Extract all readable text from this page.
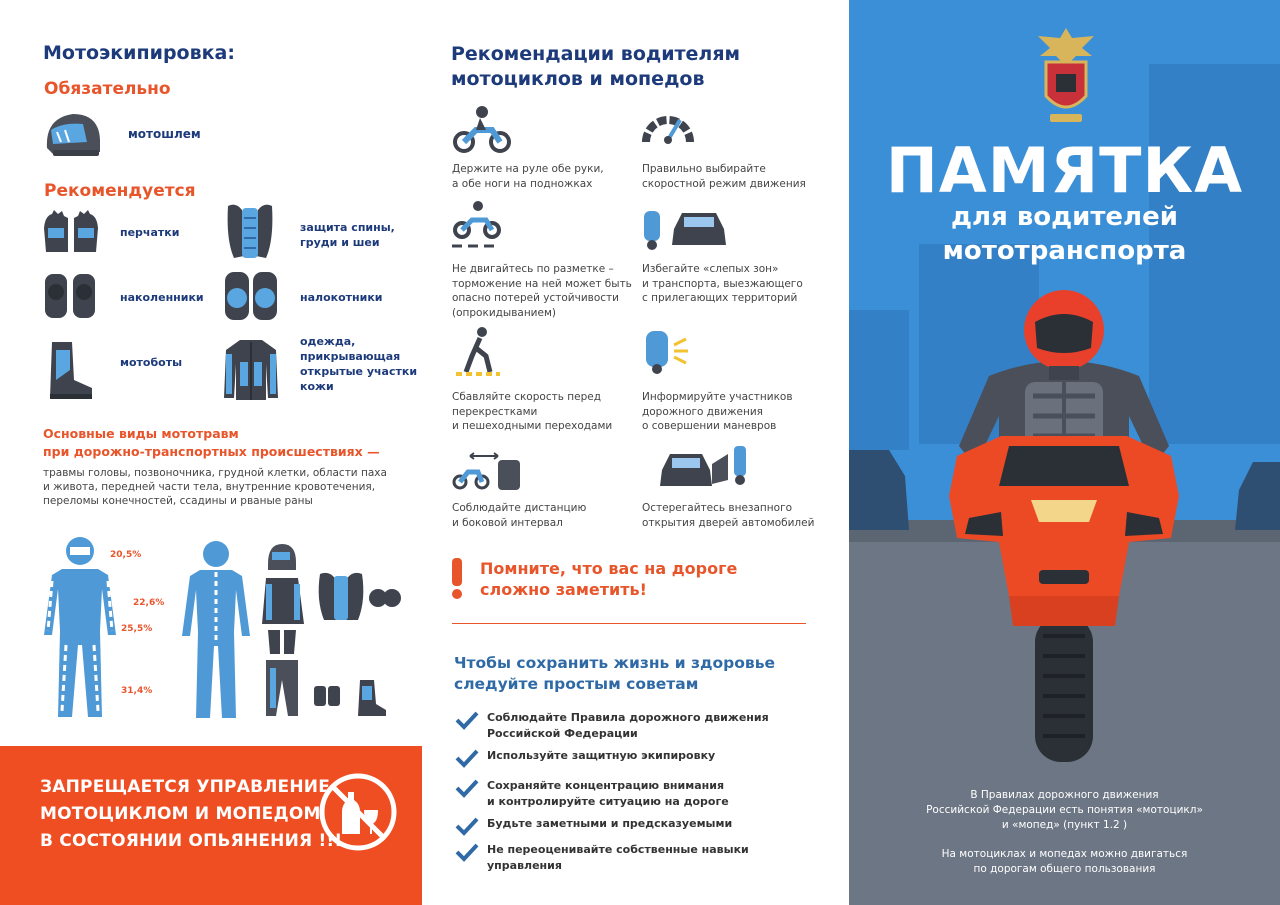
Мотоэкипировка:
Обязательно
мотошлем
Рекомендуется
перчатки	защита спины,
груди и шеи
наколенники	налокотники
мотоботы
одежда,
прикрывающая
открытые участки
кожи
Основные виды мототравм
при дорожно-транспортных происшествиях —
травмы головы, позвоночника, грудной клетки, области паха
и живота, передней части тела, внутренние кровотечения,
переломы конечностей, ссадины и рваные раны
20,5%
22,6%
25,5%
31,4%
ЗАПРЕЩАЕТСЯ УПРАВЛЕНИЕ
МОТОЦИКЛОМ И МОПЕДОМ
В СОСТОЯНИИ ОПЬЯНЕНИЯ !!!
Рекомендации водителям
мотоциклов и мопедов
Держите на руле обе руки,
а обе ноги на подножках
Правильно выбирайте
скоростной режим движения
Не двигайтесь по разметке –
торможение на ней может быть
опасно потерей устойчивости
(опрокидыванием)
Избегайте «слепых зон»
и транспорта, выезжающего
с прилегающих территорий
Сбавляйте скорость перед
перекрестками
и пешеходными переходами
Информируйте участников
дорожного движения
о совершении маневров
Соблюдайте дистанцию
и боковой интервал
Остерегайтесь внезапного
открытия дверей автомобилей
Помните, что вас на дороге
сложно заметить!
Чтобы сохранить жизнь и здоровье
следуйте простым советам
Соблюдайте Правила дорожного движения
Российской Федерации
Используйте защитную экипировку
Сохраняйте концентрацию внимания
и контролируйте ситуацию на дороге
Будьте заметными и предсказуемыми
Не переоценивайте собственные навыки
управления
ПАМЯТКА
для водителей
мототранспорта
В Правилах дорожного движения
Российской Федерации есть понятия «мотоцикл»
и «мопед» (пункт 1.2 )
На мотоциклах и мопедах можно двигаться
по дорогам общего пользования
